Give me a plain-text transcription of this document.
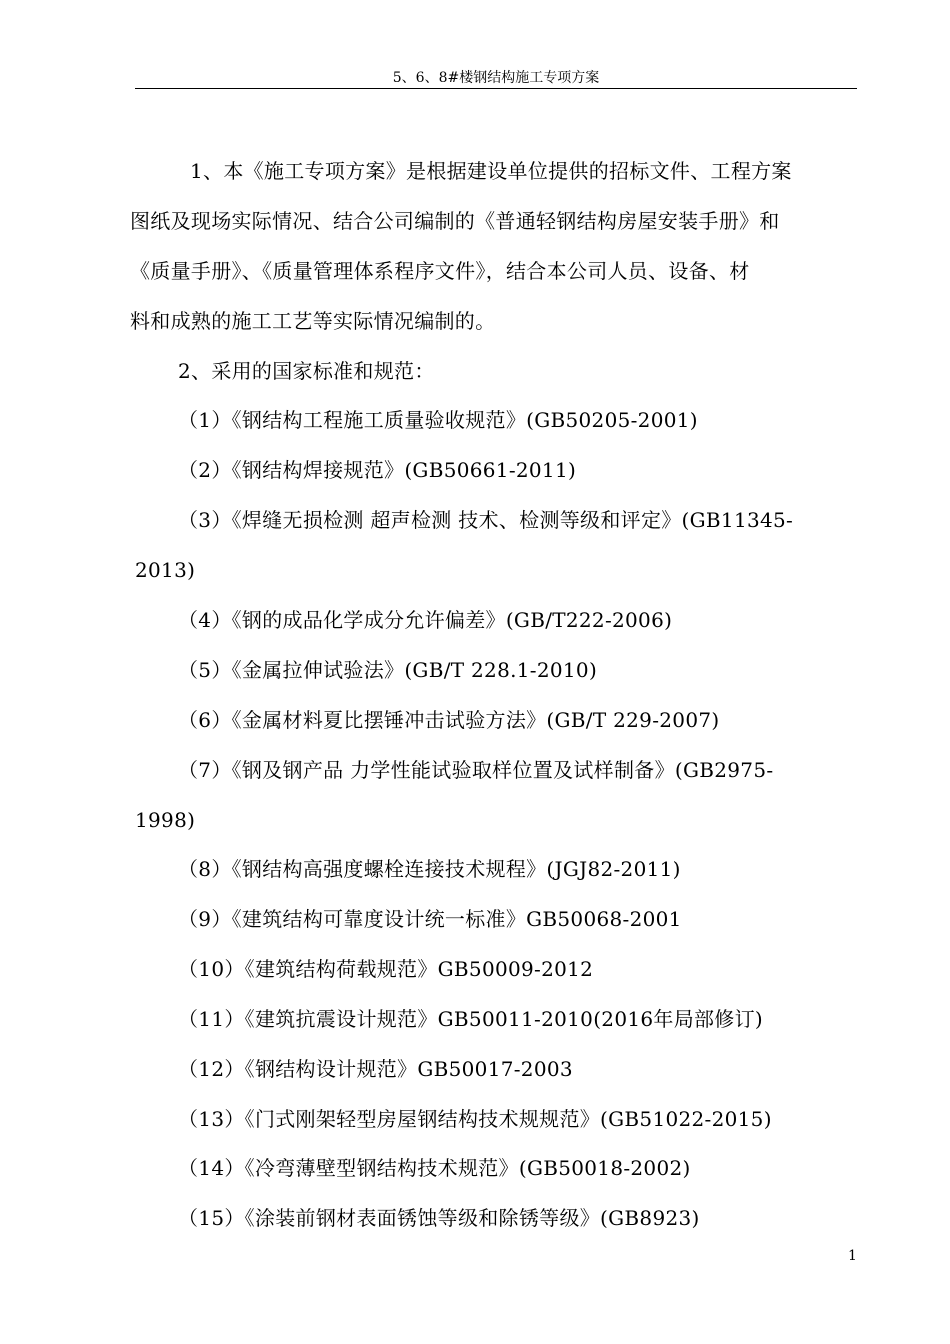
5、6、8#楼钢结构施工专项方案
1、本《施工专项方案》是根据建设单位提供的招标文件、工程方案
图纸及现场实际情况、结合公司编制的《普通轻钢结构房屋安装手册》和
《质量手册》、《质量管理体系程序文件》，结合本公司人员、设备、材
料和成熟的施工工艺等实际情况编制的。
2、采用的国家标准和规范：
（1）《钢结构工程施工质量验收规范》(GB50205-2001)
（2）《钢结构焊接规范》(GB50661-2011)
（3）《焊缝无损检测 超声检测 技术、检测等级和评定》(GB11345-
2013)
（4）《钢的成品化学成分允许偏差》(GB/T222-2006)
（5）《金属拉伸试验法》(GB/T 228.1-2010)
（6）《金属材料夏比摆锤冲击试验方法》(GB/T 229-2007)
（7）《钢及钢产品 力学性能试验取样位置及试样制备》(GB2975-
1998)
（8）《钢结构高强度螺栓连接技术规程》(JGJ82-2011)
（9）《建筑结构可靠度设计统一标准》GB50068-2001
（10）《建筑结构荷载规范》GB50009-2012
（11）《建筑抗震设计规范》GB50011-2010(2016年局部修订)
（12）《钢结构设计规范》GB50017-2003
（13）《门式刚架轻型房屋钢结构技术规规范》(GB51022-2015)
（14）《冷弯薄壁型钢结构技术规范》(GB50018-2002)
（15）《涂装前钢材表面锈蚀等级和除锈等级》(GB8923)
1
